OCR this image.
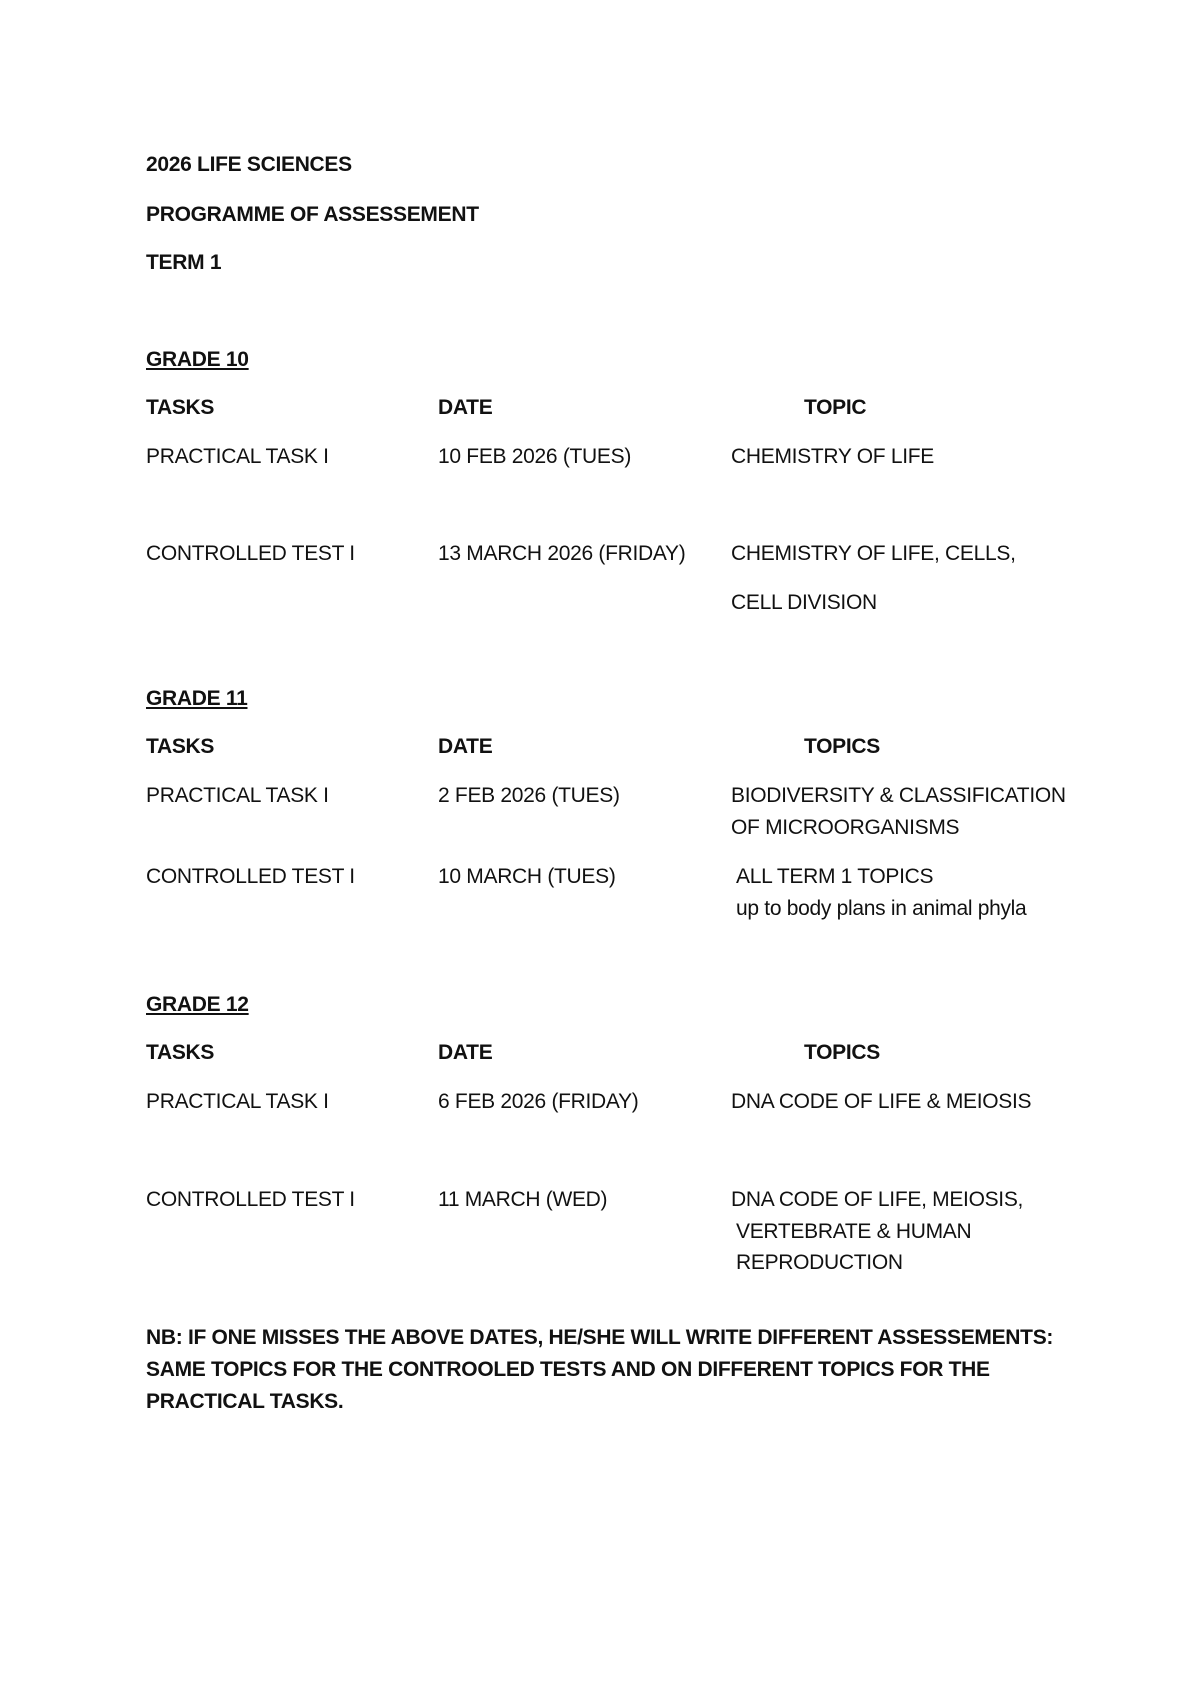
2026 LIFE SCIENCES
PROGRAMME OF ASSESSEMENT
TERM 1
GRADE 10
TASKS	DATE	TOPIC
PRACTICAL TASK I	10 FEB 2026 (TUES)	CHEMISTRY OF LIFE
CONTROLLED TEST I	13 MARCH 2026 (FRIDAY) CHEMISTRY OF LIFE, CELLS,
CELL DIVISION
GRADE 11
TASKS	DATE	TOPICS
PRACTICAL TASK I	2 FEB 2026 (TUES)	BIODIVERSITY & CLASSIFICATION
OF MICROORGANISMS
CONTROLLED TEST I	10 MARCH (TUES)	ALL TERM 1 TOPICS
up to body plans in animal phyla
GRADE 12
TASKS	DATE	TOPICS
PRACTICAL TASK I	6 FEB 2026 (FRIDAY)	DNA CODE OF LIFE & MEIOSIS
CONTROLLED TEST I	11 MARCH (WED)	DNA CODE OF LIFE, MEIOSIS,
VERTEBRATE & HUMAN
REPRODUCTION
NB: IF ONE MISSES THE ABOVE DATES, HE/SHE WILL WRITE DIFFERENT ASSESSEMENTS: SAME TOPICS FOR THE CONTROOLED TESTS AND ON DIFFERENT TOPICS FOR THE PRACTICAL TASKS.
